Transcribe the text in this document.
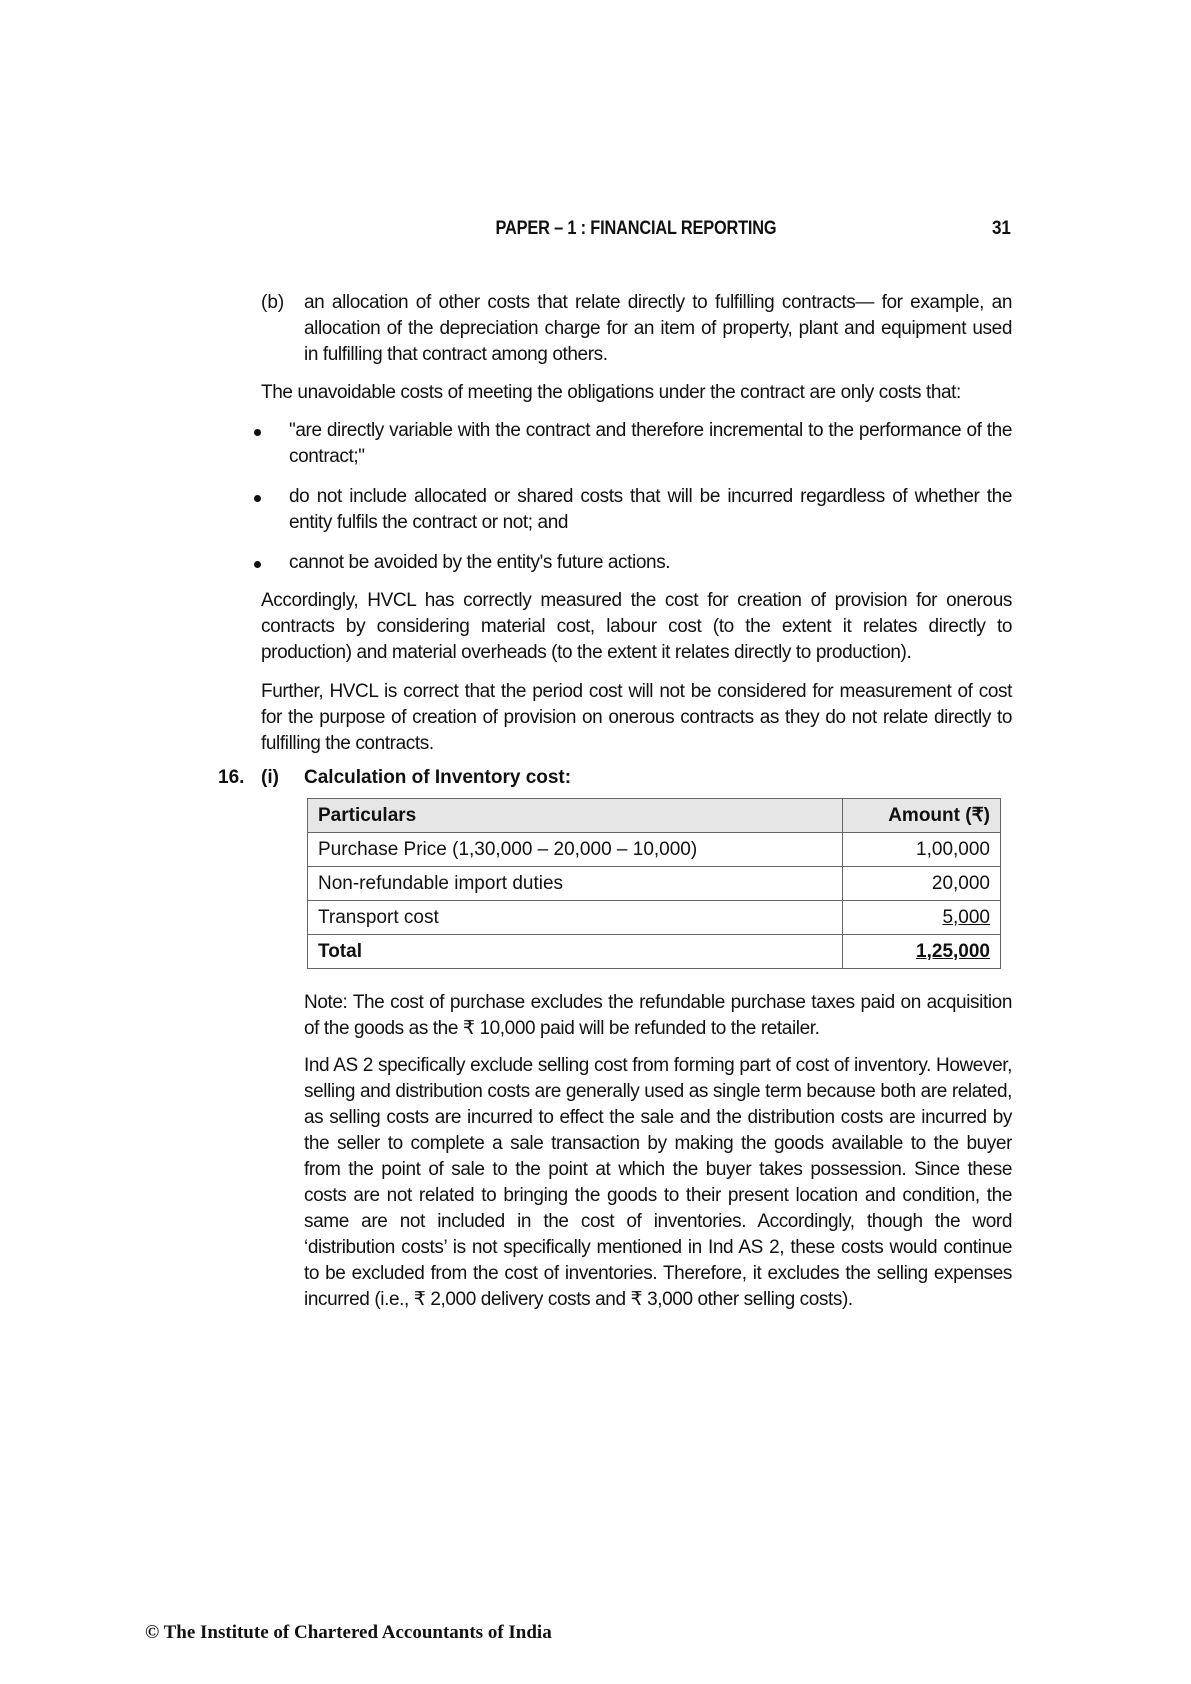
PAPER – 1 : FINANCIAL REPORTING	31
(b) an allocation of other costs that relate directly to fulfilling contracts— for example, an allocation of the depreciation charge for an item of property, plant and equipment used in fulfilling that contract among others.
The unavoidable costs of meeting the obligations under the contract are only costs that:
"are directly variable with the contract and therefore incremental to the performance of the contract;"
do not include allocated or shared costs that will be incurred regardless of whether the entity fulfils the contract or not; and
cannot be avoided by the entity's future actions.
Accordingly, HVCL has correctly measured the cost for creation of provision for onerous contracts by considering material cost, labour cost (to the extent it relates directly to production) and material overheads (to the extent it relates directly to production).
Further, HVCL is correct that the period cost will not be considered for measurement of cost for the purpose of creation of provision on onerous contracts as they do not relate directly to fulfilling the contracts.
16. (i) Calculation of Inventory cost:
Particulars	Amount (₹)
Purchase Price (1,30,000 – 20,000 – 10,000)	1,00,000
Non-refundable import duties	20,000
Transport cost	5,000
Total	1,25,000
Note: The cost of purchase excludes the refundable purchase taxes paid on acquisition of the goods as the ₹ 10,000 paid will be refunded to the retailer.
Ind AS 2 specifically exclude selling cost from forming part of cost of inventory. However, selling and distribution costs are generally used as single term because both are related, as selling costs are incurred to effect the sale and the distribution costs are incurred by the seller to complete a sale transaction by making the goods available to the buyer from the point of sale to the point at which the buyer takes possession. Since these costs are not related to bringing the goods to their present location and condition, the same are not included in the cost of inventories. Accordingly, though the word ‘distribution costs’ is not specifically mentioned in Ind AS 2, these costs would continue to be excluded from the cost of inventories. Therefore, it excludes the selling expenses incurred (i.e., ₹ 2,000 delivery costs and ₹ 3,000 other selling costs).
© The Institute of Chartered Accountants of India
